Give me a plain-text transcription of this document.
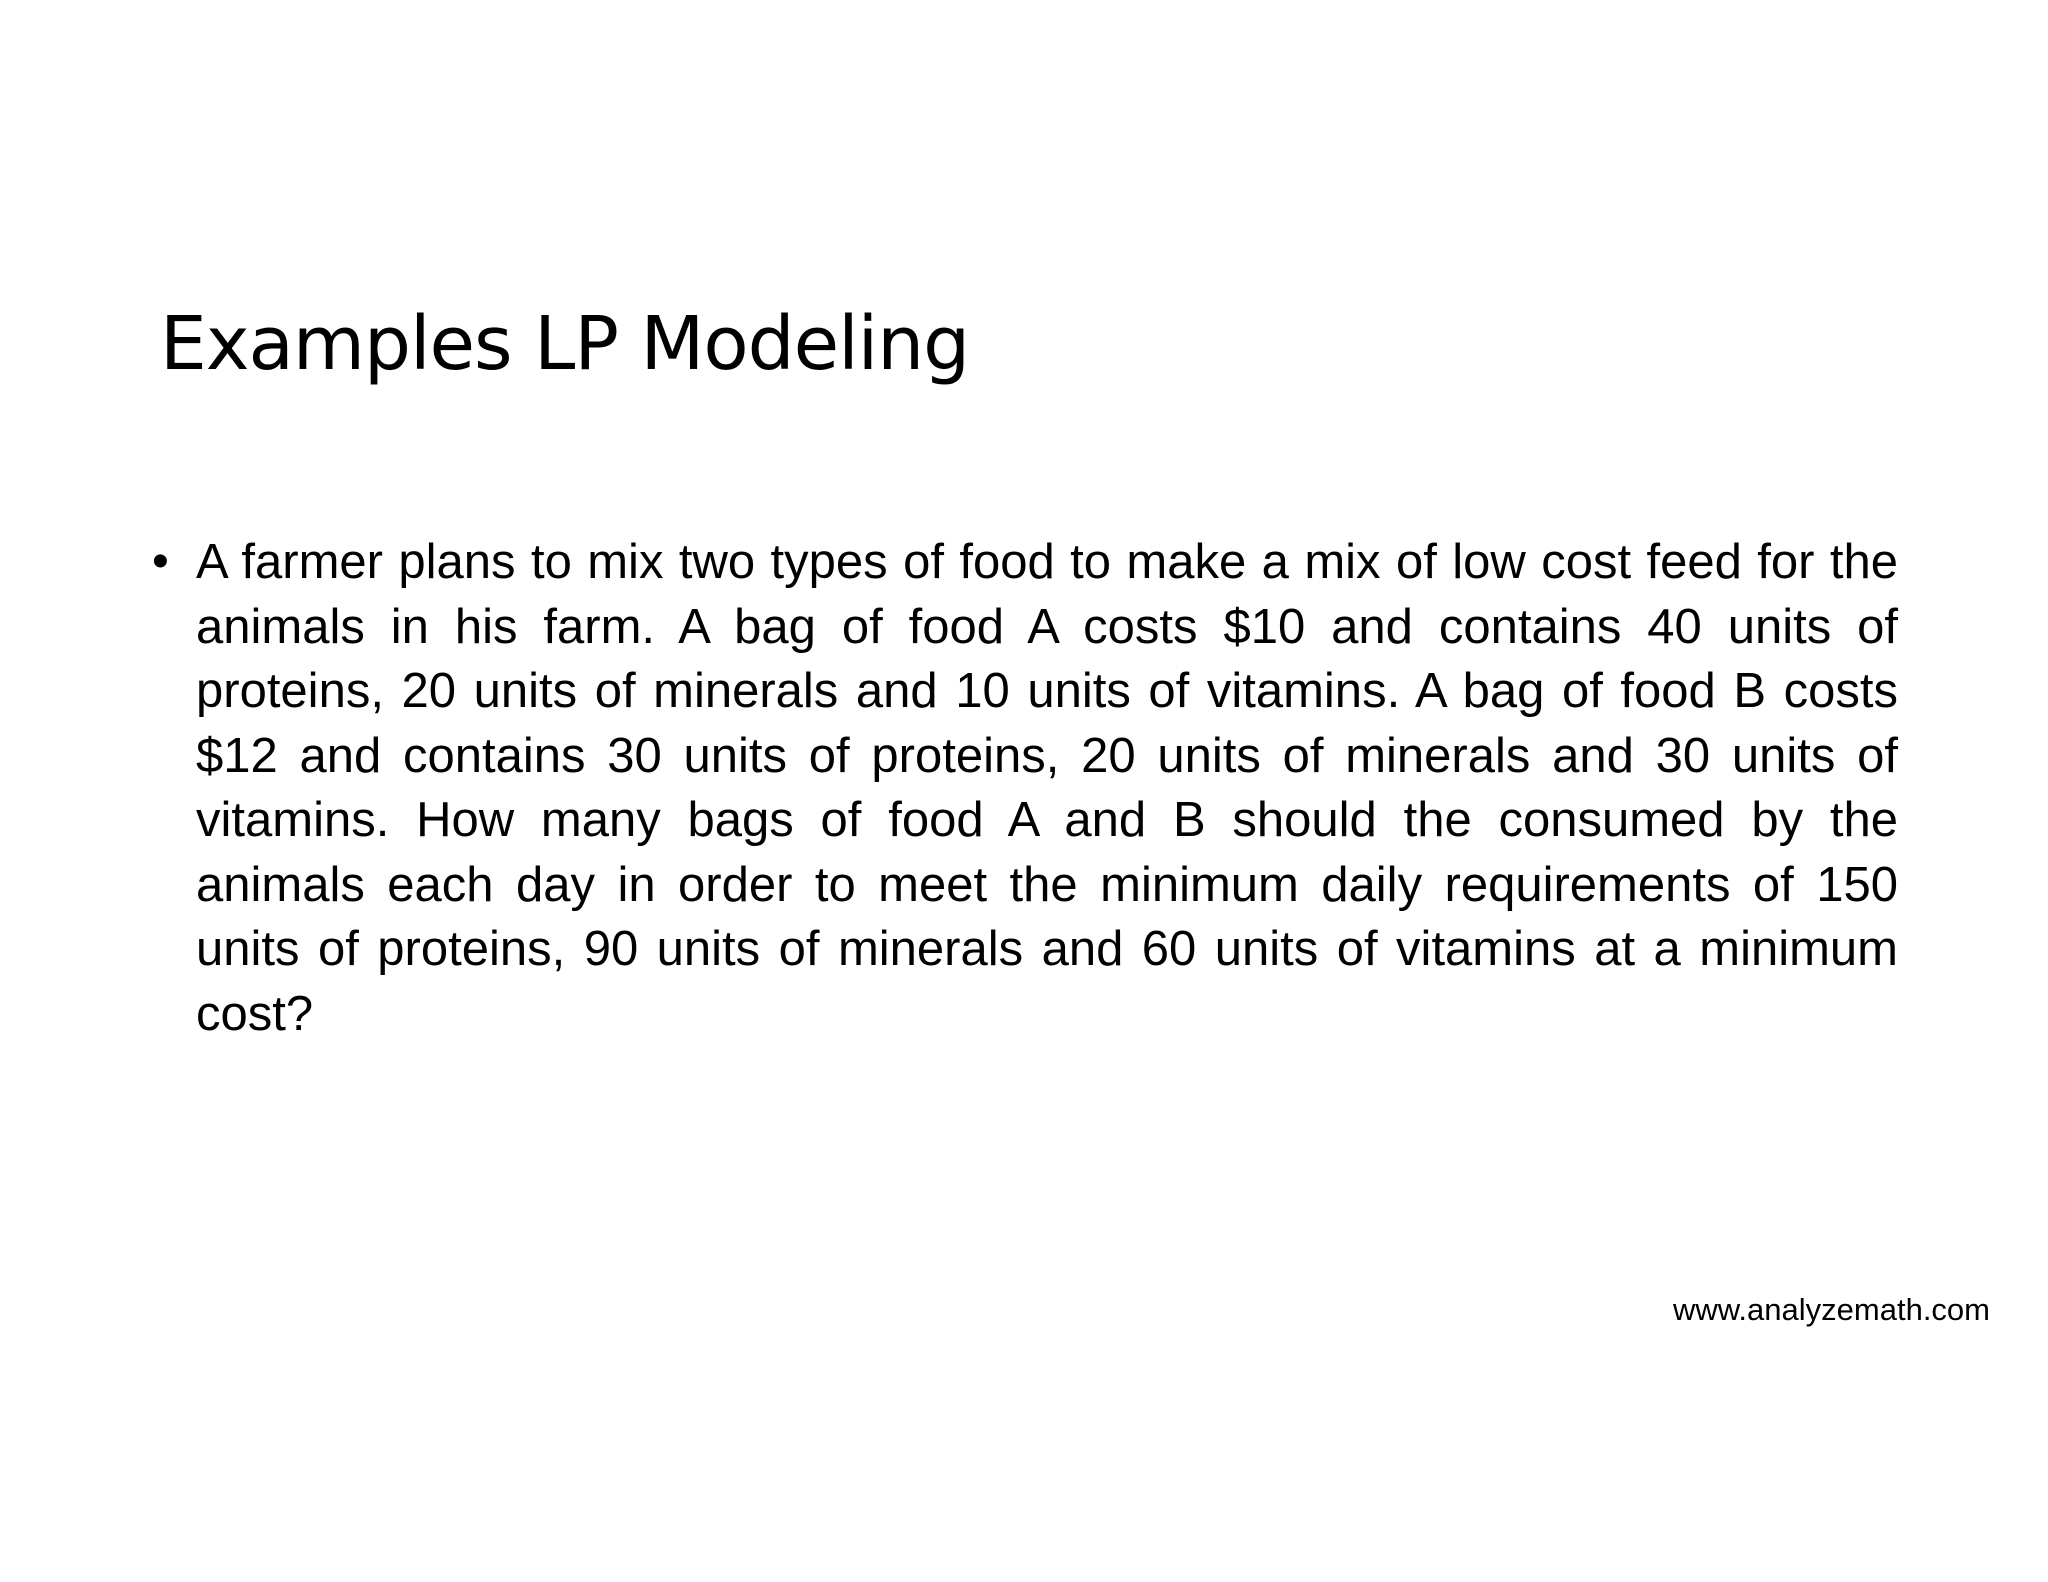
Examples LP Modeling
• A farmer plans to mix two types of food to make a mix of low cost feed for the animals in his farm. A bag of food A costs $10 and contains 40 units of proteins, 20 units of minerals and 10 units of vitamins. A bag of food B costs $12 and contains 30 units of proteins, 20 units of minerals and 30 units of vitamins. How many bags of food A and B should the consumed by the animals each day in order to meet the minimum daily requirements of 150 units of proteins, 90 units of minerals and 60 units of vitamins at a minimum cost?
www.analyzemath.com
